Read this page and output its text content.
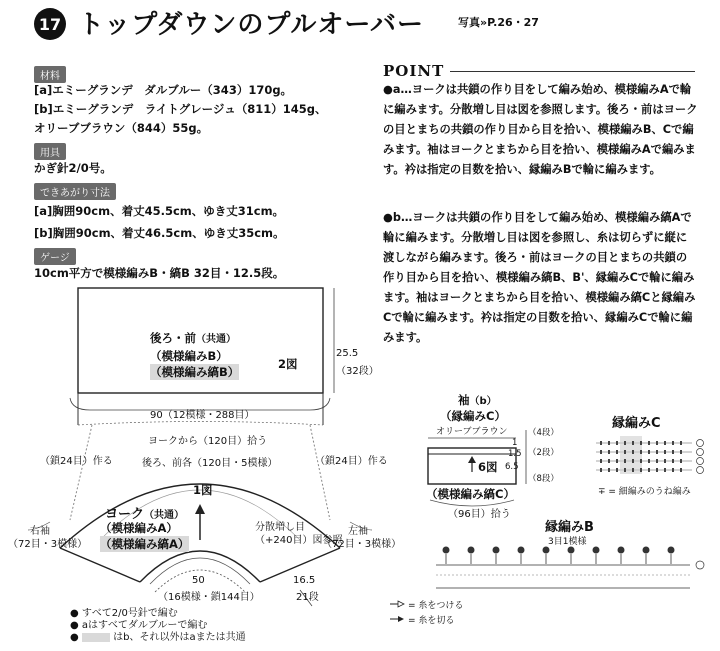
17 トップダウンのプルオーバー	写真»P.26・27
材料
[a]エミーグランデ　ダルブルー（343）170g。
[b]エミーグランデ　ライトグレージュ（811）145g、
オリーブブラウン（844）55g。
用具
かぎ針2/0号。
できあがり寸法
[a]胸囲90cm、着丈45.5cm、ゆき丈31cm。
[b]胸囲90cm、着丈46.5cm、ゆき丈35cm。
ゲージ
10cm平方で模様編みB・縞B 32目・12.5段。
POINT
●a…ヨークは共鎖の作り目をして編み始め、模様編みAで輪に編みます。分散増し目は図を参照します。後ろ・前はヨークの目とまちの共鎖の作り目から目を拾い、模様編みB、Cで編みます。袖はヨークとまちから目を拾い、模様編みAで編みます。衿は指定の目数を拾い、縁編みBで輪に編みます。
●b…ヨークは共鎖の作り目をして編み始め、模様編み縞Aで輪に編みます。分散増し目は図を参照し、糸は切らずに縦に渡しながら編みます。後ろ・前はヨークの目とまちの共鎖の作り目から目を拾い、模様編み縞B、B'、縁編みCで輪に編みます。袖はヨークとまちから目を拾い、模様編み縞Cと縁編みCで輪に編みます。衿は指定の目数を拾い、縁編みCで輪に編みます。
後ろ・前（共通）
（模様編みB）
（模様編み縞B）
2図
25.5
（32段）
90（12模様・288目）
ヨークから（120目）拾う
（鎖24目）作る	（鎖24目）作る
後ろ、前各（120目・5模様）
1図
ヨーク（共通）
（模様編みA）
（模様編み縞A）
右袖
（72目・3模様）
左袖
（72目・3模様）
分散増し目
（+240目）図参照
50
（16模様・鎖144目）
16.5
21段
● すべて2/0号針で編む
● aはすべてダルブルーで編む
●	はb、それ以外はaまたは共通
袖（b）
（縁編みC）
オリーブブラウン
6図
（模様編み縞C）
（96目）拾う
（4段）
1
（2段）
1.5
6.5
（8段）
縁編みC
∓ = 細編みのうね編み
縁編みB
3目1模様
= 糸をつける
= 糸を切る
